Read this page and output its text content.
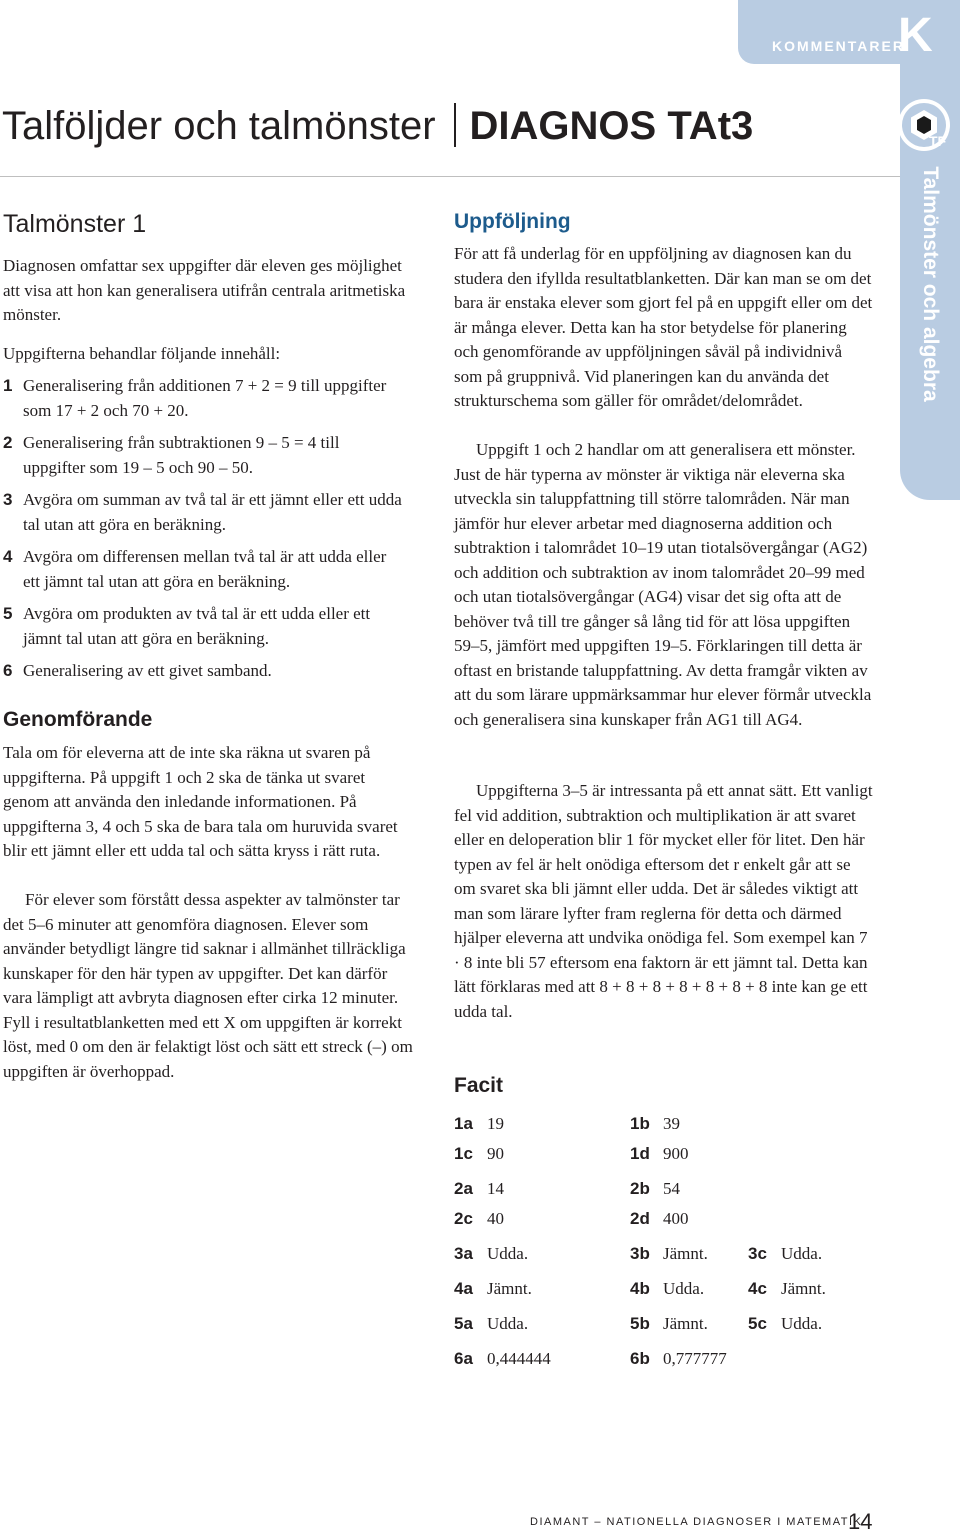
KOMMENTARER
K
TF
Talmönster och algebra
Talföljder och talmönster DIAGNOS TAt3
Talmönster 1

Diagnosen omfattar sex uppgifter där eleven ges möjlighet att visa att hon kan generalisera utifrån centrala aritmetiska mönster.

Uppgifterna behandlar följande innehåll:

1 Generalisering från additionen 7 + 2 = 9 till uppgifter som 17 + 2 och 70 + 20.
2 Generalisering från subtraktionen 9 – 5 = 4 till uppgifter som 19 – 5 och 90 – 50.
3 Avgöra om summan av två tal är ett jämnt eller ett udda tal utan att göra en beräkning.
4 Avgöra om differensen mellan två tal är att udda eller ett jämnt tal utan att göra en beräkning.
5 Avgöra om produkten av två tal är ett udda eller ett jämnt tal utan att göra en beräkning.
6 Generalisering av ett givet samband.
Genomförande

Tala om för eleverna att de inte ska räkna ut svaren på uppgifterna. På uppgift 1 och 2 ska de tänka ut svaret genom att använda den inledande informationen. På uppgifterna 3, 4 och 5 ska de bara tala om huruvida svaret blir ett jämnt eller ett udda tal och sätta kryss i rätt ruta.

För elever som förstått dessa aspekter av talmönster tar det 5–6 minuter att genomföra diagnosen. Elever som använder betydligt längre tid saknar i allmänhet tillräckliga kunskaper för den här typen av uppgifter. Det kan därför vara lämpligt att avbryta diagnosen efter cirka 12 minuter. Fyll i resultatblanketten med ett X om uppgiften är korrekt löst, med 0 om den är felaktigt löst och sätt ett streck (–) om uppgiften är överhoppad.

Uppföljning

För att få underlag för en uppföljning av diagnosen kan du studera den ifyllda resultatblanketten. Där kan man se om det bara är enstaka elever som gjort fel på en uppgift eller om det är många elever. Detta kan ha stor betydelse för planering och genomförande av uppföljningen såväl på individnivå som på gruppnivå. Vid planeringen kan du använda det strukturschema som gäller för området/delområdet.

Uppgift 1 och 2 handlar om att generalisera ett mönster. Just de här typerna av mönster är viktiga när eleverna ska utveckla sin taluppfattning till större talområden. När man jämför hur elever arbetar med diagnoserna addition och subtraktion i talområdet 10–19 utan tiotalsövergångar (AG2) och addition och subtraktion av inom talområdet 20–99 med och utan tiotalsövergångar (AG4) visar det sig ofta att de behöver två till tre gånger så lång tid för att lösa uppgiften 59–5, jämfört med uppgiften 19–5. Förklaringen till detta är oftast en bristande taluppfattning. Av detta framgår vikten av att du som lärare uppmärksammar hur elever förmår utveckla och generalisera sina kunskaper från AG1 till AG4.

Uppgifterna 3–5 är intressanta på ett annat sätt. Ett vanligt fel vid addition, subtraktion och multiplikation är att svaret eller en deloperation blir 1 för mycket eller för litet. Den här typen av fel är helt onödiga eftersom det r enkelt går att se om svaret ska bli jämnt eller udda. Det är således viktigt att man som lärare lyfter fram reglerna för detta och därmed hjälper eleverna att undvika onödiga fel. Som exempel kan 7 · 8 inte bli 57 eftersom ena faktorn är ett jämnt tal. Detta kan lätt förklaras med att 8 + 8 + 8 + 8 + 8 + 8 + 8 inte kan ge ett udda tal.

Facit
1a 19	1b 39
1c 90	1d 900
2a 14	2b 54
2c 40	2d 400
3a Udda.	3b Jämnt. 3c Udda.
4a Jämnt.	4b Udda.	4c Jämnt.
5a Udda.	5b Jämnt. 5c Udda.
6a 0,444444	6b 0,777777
DIAMANT – NATIONELLA DIAGNOSER I MATEMATIK
14
